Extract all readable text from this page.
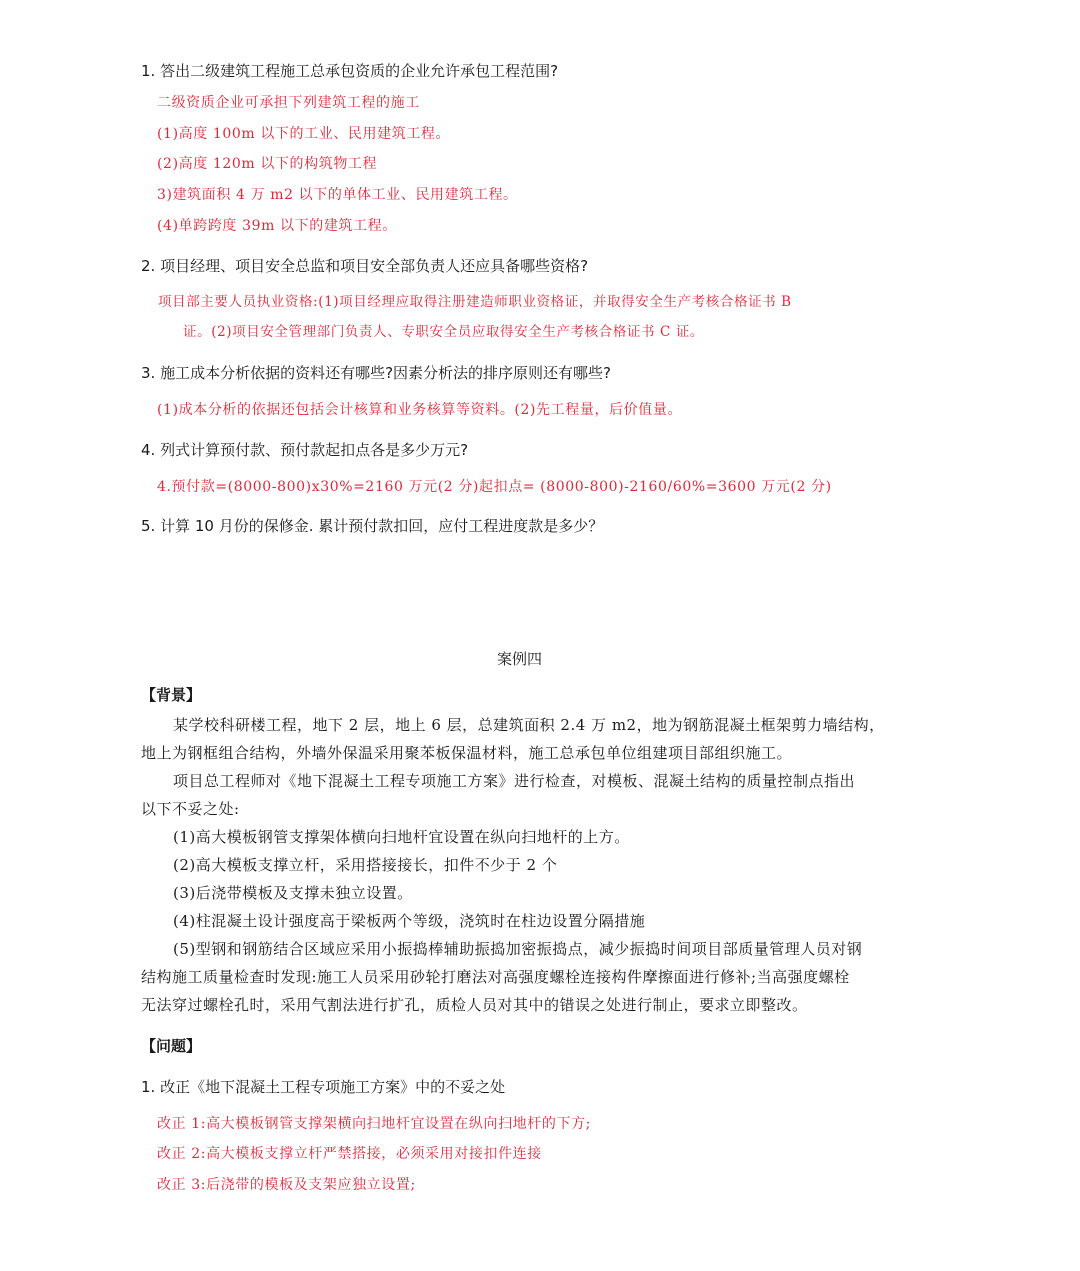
1. 答出二级建筑工程施工总承包资质的企业允许承包工程范围?
二级资质企业可承担下列建筑工程的施工
(1)高度 100m 以下的工业、民用建筑工程。
(2)高度 120m 以下的构筑物工程
3)建筑面积 4 万 m2 以下的单体工业、民用建筑工程。
(4)单跨跨度 39m 以下的建筑工程。
2. 项目经理、项目安全总监和项目安全部负责人还应具备哪些资格?
项目部主要人员执业资格:(1)项目经理应取得注册建造师职业资格证，并取得安全生产考核合格证书 B
证。(2)项目安全管理部门负责人、专职安全员应取得安全生产考核合格证书 C 证。
3. 施工成本分析依据的资料还有哪些?因素分析法的排序原则还有哪些?
(1)成本分析的依据还包括会计核算和业务核算等资料。(2)先工程量，后价值量。
4. 列式计算预付款、预付款起扣点各是多少万元?
4.预付款=(8000-800)x30%=2160 万元(2 分)起扣点= (8000-800)-2160/60%=3600 万元(2 分)
5. 计算 10 月份的保修金. 累计预付款扣回，应付工程进度款是多少？
案例四
【背景】
某学校科研楼工程，地下 2 层，地上 6 层，总建筑面积 2.4 万 m2，地为钢筋混凝土框架剪力墙结构，
地上为钢框组合结构，外墙外保温采用聚苯板保温材料，施工总承包单位组建项目部组织施工。
项目总工程师对《地下混凝土工程专项施工方案》进行检查，对模板、混凝土结构的质量控制点指出
以下不妥之处:
(1)高大模板钢管支撑架体横向扫地杆宜设置在纵向扫地杆的上方。
(2)高大模板支撑立杆，采用搭接接长，扣件不少于 2 个
(3)后浇带模板及支撑未独立设置。
(4)柱混凝土设计强度高于梁板两个等级，浇筑时在柱边设置分隔措施
(5)型钢和钢筋结合区域应采用小振捣棒辅助振捣加密振捣点，减少振捣时间项目部质量管理人员对钢
结构施工质量检查时发现:施工人员采用砂轮打磨法对高强度螺栓连接构件摩擦面进行修补;当高强度螺栓
无法穿过螺栓孔时，采用气割法进行扩孔，质检人员对其中的错误之处进行制止，要求立即整改。
【问题】
1. 改正《地下混凝土工程专项施工方案》中的不妥之处
改正 1:高大模板钢管支撑架横向扫地杆宜设置在纵向扫地杆的下方;
改正 2:高大模板支撑立杆严禁搭接，必须采用对接扣件连接
改正 3:后浇带的模板及支架应独立设置;
